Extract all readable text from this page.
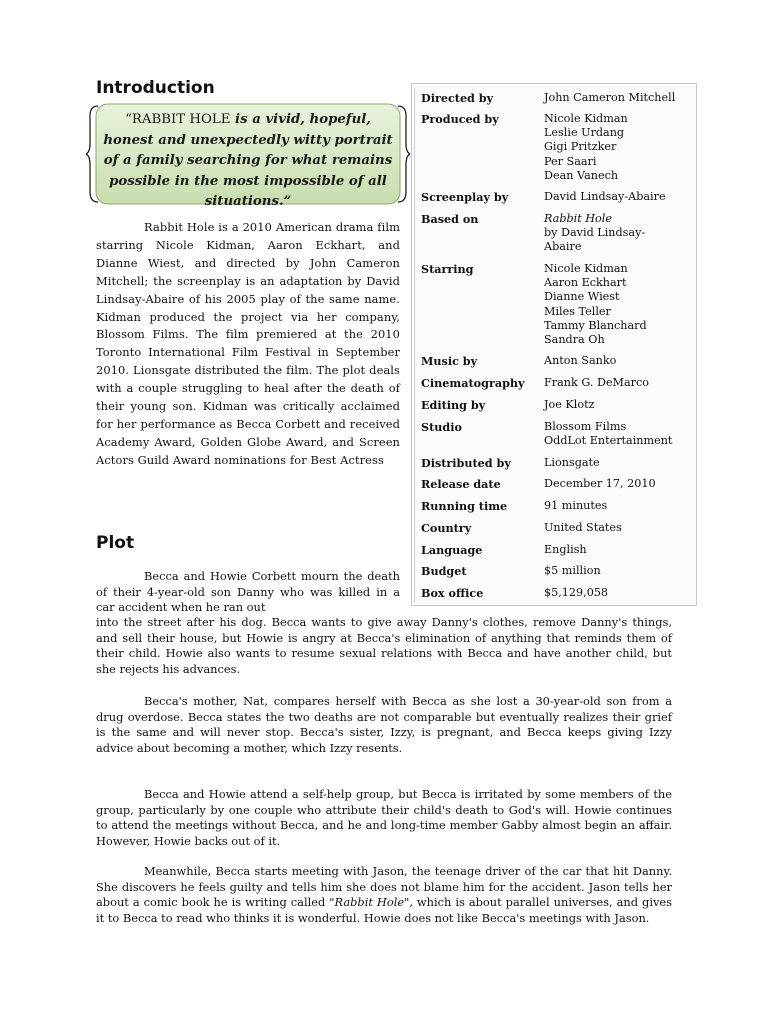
Introduction
“RABBIT HOLE is a vivid, hopeful, honest and unexpectedly witty portrait of a family searching for what remains possible in the most impossible of all situations.”

Rabbit Hole is a 2010 American drama film starring Nicole Kidman, Aaron Eckhart, and Dianne Wiest, and directed by John Cameron Mitchell; the screenplay is an adaptation by David Lindsay-Abaire of his 2005 play of the same name. Kidman produced the project via her company, Blossom Films. The film premiered at the 2010 Toronto International Film Festival in September 2010. Lionsgate distributed the film. The plot deals with a couple struggling to heal after the death of their young son. Kidman was critically acclaimed for her performance as Becca Corbett and received Academy Award, Golden Globe Award, and Screen Actors Guild Award nominations for Best Actress

Directed by	John Cameron Mitchell
Produced by	Nicole Kidman
Leslie Urdang
Gigi Pritzker
Per Saari
Dean Vanech
Screenplay by	David Lindsay-Abaire
Based on	Rabbit Hole
by David Lindsay-
Abaire
Starring	Nicole Kidman
Aaron Eckhart
Dianne Wiest
Miles Teller
Tammy Blanchard
Sandra Oh
Music by	Anton Sanko
Cinematography Frank G. DeMarco
Editing by	Joe Klotz
Studio	Blossom Films
OddLot Entertainment
Distributed by	Lionsgate
Release date	December 17, 2010
Running time	91 minutes
Country	United States
Language	English
Budget	$5 million
Box office	$5,129,058
Plot

Becca and Howie Corbett mourn the death of their 4-year-old son Danny who was killed in a car accident when he ran out

into the street after his dog. Becca wants to give away Danny's clothes, remove Danny's things, and sell their house, but Howie is angry at Becca's elimination of anything that reminds them of their child. Howie also wants to resume sexual relations with Becca and have another child, but she rejects his advances.

Becca's mother, Nat, compares herself with Becca as she lost a 30-year-old son from a drug overdose. Becca states the two deaths are not comparable but eventually realizes their grief is the same and will never stop. Becca's sister, Izzy, is pregnant, and Becca keeps giving Izzy advice about becoming a mother, which Izzy resents.

Becca and Howie attend a self-help group, but Becca is irritated by some members of the group, particularly by one couple who attribute their child's death to God's will. Howie continues to attend the meetings without Becca, and he and long-time member Gabby almost begin an affair. However, Howie backs out of it.

Meanwhile, Becca starts meeting with Jason, the teenage driver of the car that hit Danny. She discovers he feels guilty and tells him she does not blame him for the accident. Jason tells her about a comic book he is writing called "Rabbit Hole", which is about parallel universes, and gives it to Becca to read who thinks it is wonderful. Howie does not like Becca's meetings with Jason.
